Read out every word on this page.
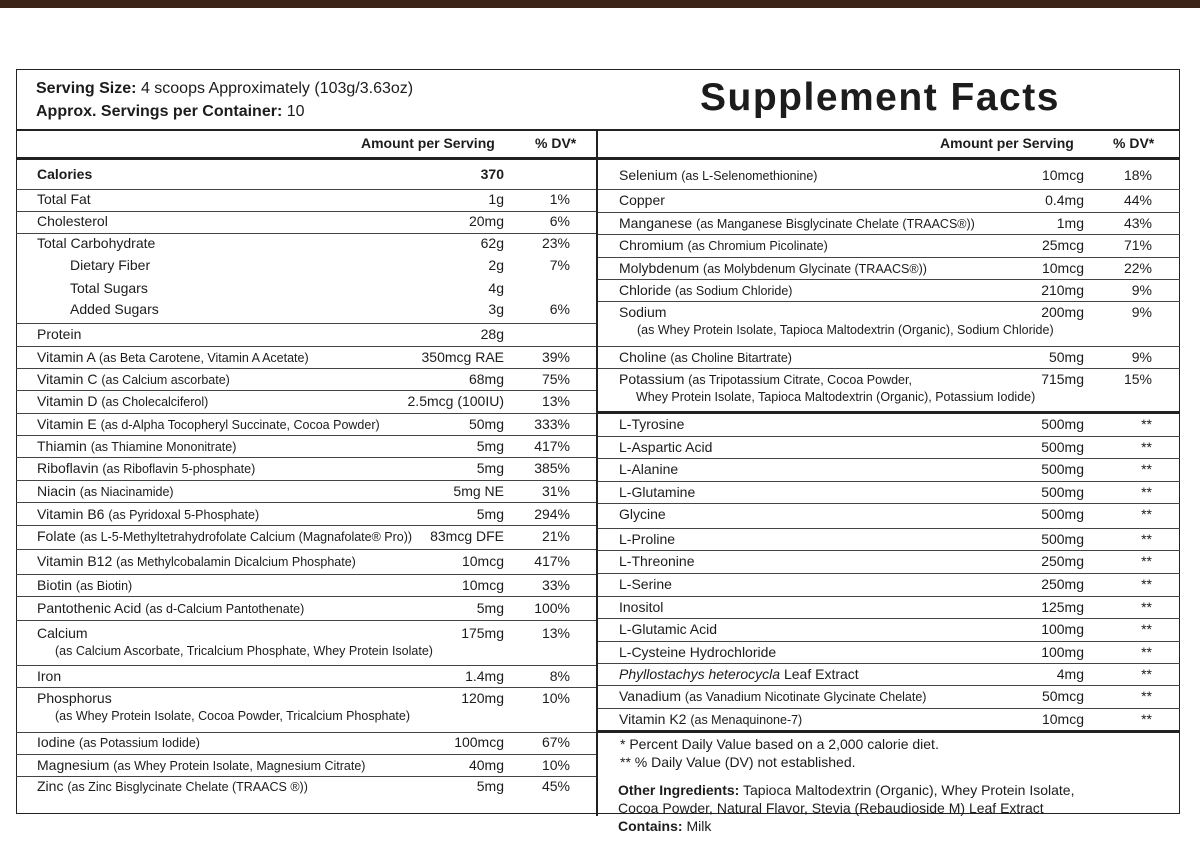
Serving Size: 4 scoops Approximately (103g/3.63oz)
Approx. Servings per Container: 10	Supplement Facts
Amount per Serving	% DV*	Amount per Serving	% DV*
Calories	370
Total Fat	1g	1%
Cholesterol	20mg	6%
Total Carbohydrate	62g	23%
Dietary Fiber	2g	7%
Total Sugars	4g
Added Sugars	3g	6%
Protein	28g
Vitamin A (as Beta Carotene, Vitamin A Acetate)	350mcg RAE	39%
Vitamin C (as Calcium ascorbate)	68mg	75%
Vitamin D (as Cholecalciferol)	2.5mcg (100IU)	13%
Vitamin E (as d-Alpha Tocopheryl Succinate, Cocoa Powder)	50mg 333%
Thiamin (as Thiamine Mononitrate)	5mg 417%
Riboflavin (as Riboflavin 5-phosphate)	5mg 385%
Niacin (as Niacinamide)	5mg NE	31%
Vitamin B6 (as Pyridoxal 5-Phosphate)	5mg 294%
Folate (as L-5-Methyltetrahydrofolate Calcium (Magnafolate® Pro)) 83mcg DFE	21%
Vitamin B12 (as Methylcobalamin Dicalcium Phosphate)	10mcg 417%
Biotin (as Biotin)	10mcg	33%
Pantothenic Acid (as d-Calcium Pantothenate)	5mg 100%
Calcium	175mg	13%
(as Calcium Ascorbate, Tricalcium Phosphate, Whey Protein Isolate)
Iron	1.4mg	8%
Phosphorus	120mg	10%
(as Whey Protein Isolate, Cocoa Powder, Tricalcium Phosphate)
Iodine (as Potassium Iodide)	100mcg	67%
Magnesium (as Whey Protein Isolate, Magnesium Citrate)	40mg	10%
Zinc (as Zinc Bisglycinate Chelate (TRAACS ®))	5mg	45%
Selenium (as L-Selenomethionine)	10mcg	18%
Copper	0.4mg	44%
Manganese (as Manganese Bisglycinate Chelate (TRAACS®))	1mg	43%
Chromium (as Chromium Picolinate)	25mcg	71%
Molybdenum (as Molybdenum Glycinate (TRAACS®))	10mcg	22%
Chloride (as Sodium Chloride)	210mg	9%
Sodium	200mg	9%
(as Whey Protein Isolate, Tapioca Maltodextrin (Organic), Sodium Chloride)
Choline (as Choline Bitartrate)	50mg	9%
Potassium (as Tripotassium Citrate, Cocoa Powder,	715mg	15%
Whey Protein Isolate, Tapioca Maltodextrin (Organic), Potassium Iodide)
L-Tyrosine	500mg	**
L-Aspartic Acid	500mg	**
L-Alanine	500mg	**
L-Glutamine	500mg	**
Glycine	500mg	**
L-Proline	500mg	**
L-Threonine	250mg	**
L-Serine	250mg	**
Inositol	125mg	**
L-Glutamic Acid	100mg	**
L-Cysteine Hydrochloride	100mg	**
Phyllostachys heterocycla Leaf Extract	4mg	**
Vanadium (as Vanadium Nicotinate Glycinate Chelate)	50mcg	**
Vitamin K2 (as Menaquinone-7)	10mcg	**
* Percent Daily Value based on a 2,000 calorie diet.
** % Daily Value (DV) not established.
Other Ingredients: Tapioca Maltodextrin (Organic), Whey Protein Isolate,
Cocoa Powder, Natural Flavor, Stevia (Rebaudioside M) Leaf Extract
Contains: Milk
